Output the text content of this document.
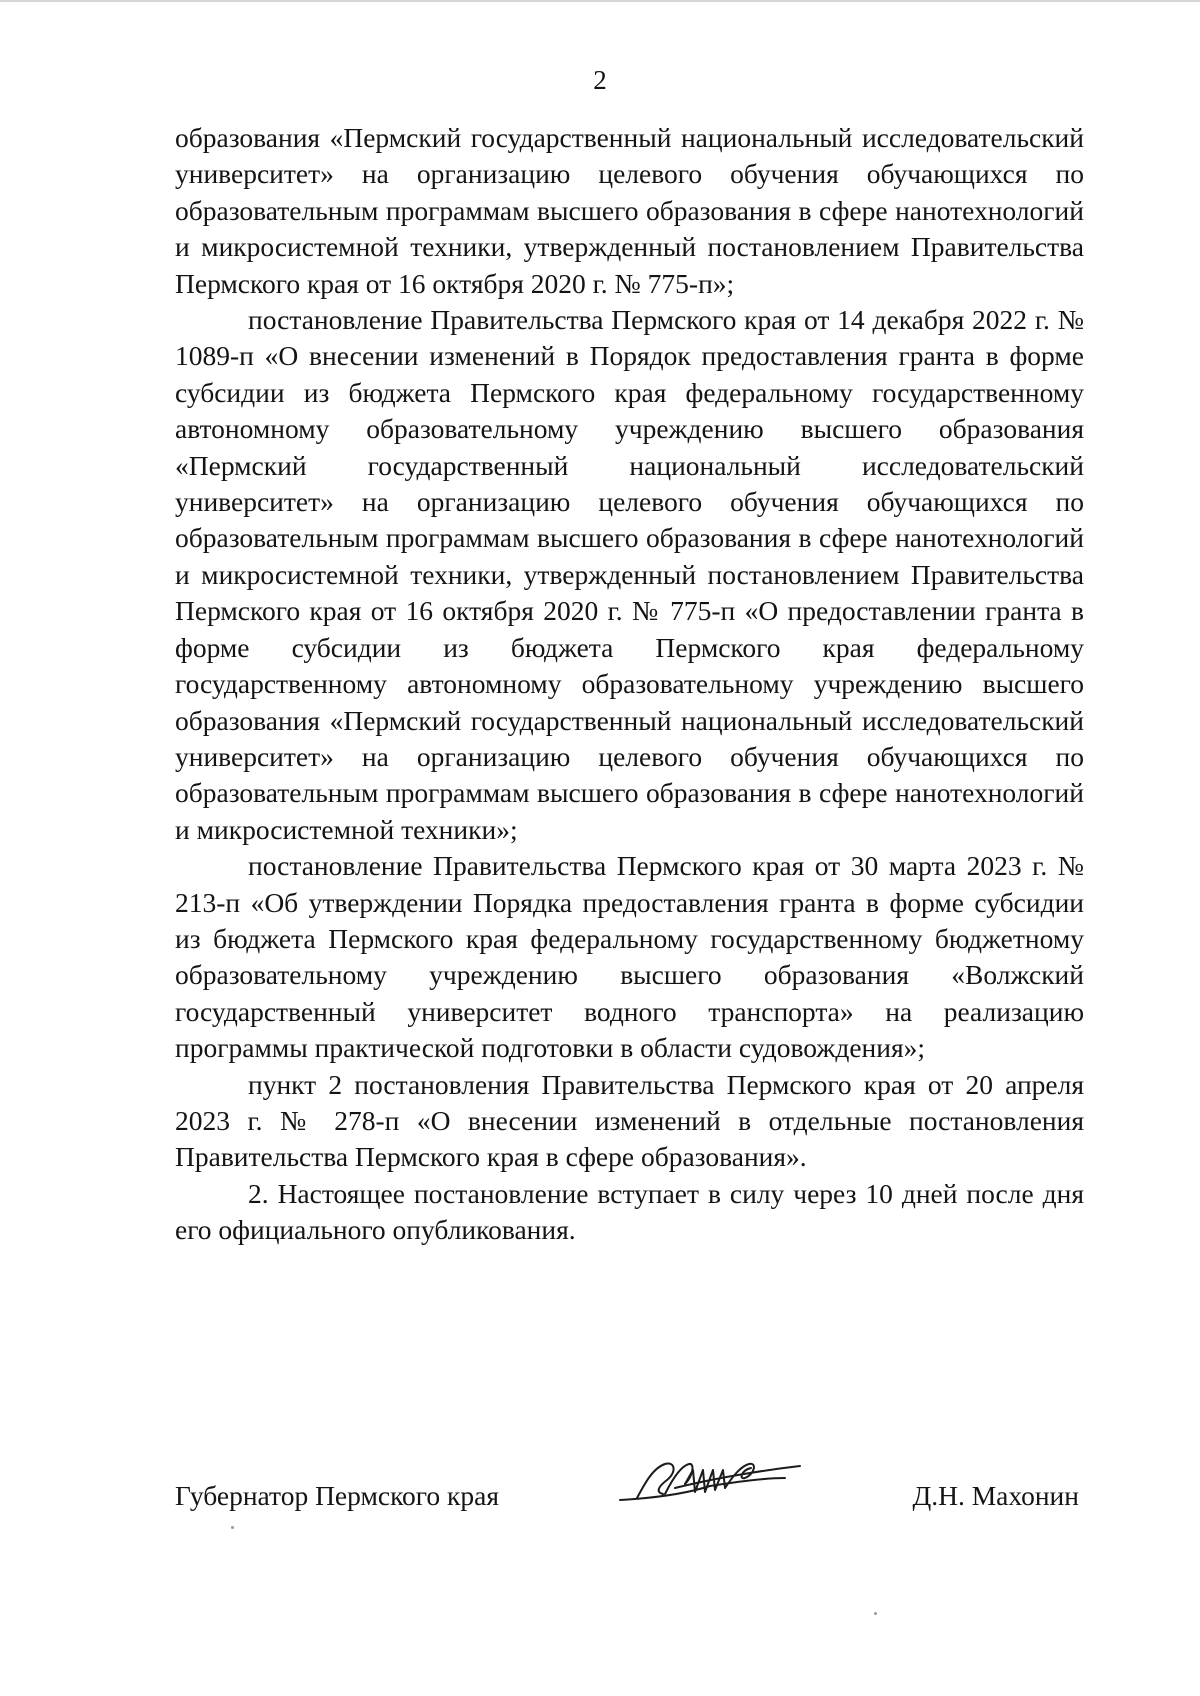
2

образования «Пермский государственный национальный исследовательский университет» на организацию целевого обучения обучающихся по образовательным программам высшего образования в сфере нанотехнологий и микросистемной техники, утвержденный постановлением Правительства Пермского края от 16 октября 2020 г. № 775-п»;

постановление Правительства Пермского края от 14 декабря 2022 г. № 1089-п «О внесении изменений в Порядок предоставления гранта в форме субсидии из бюджета Пермского края федеральному государственному автономному образовательному учреждению высшего образования «Пермский государственный национальный исследовательский университет» на организацию целевого обучения обучающихся по образовательным программам высшего образования в сфере нанотехнологий и микросистемной техники, утвержденный постановлением Правительства Пермского края от 16 октября 2020 г. № 775-п «О предоставлении гранта в форме субсидии из бюджета Пермского края федеральному государственному автономному образовательному учреждению высшего образования «Пермский государственный национальный исследовательский университет» на организацию целевого обучения обучающихся по образовательным программам высшего образования в сфере нанотехнологий и микросистемной техники»;

постановление Правительства Пермского края от 30 марта 2023 г. № 213-п «Об утверждении Порядка предоставления гранта в форме субсидии из бюджета Пермского края федеральному государственному бюджетному образовательному учреждению высшего образования «Волжский государственный университет водного транспорта» на реализацию программы практической подготовки в области судовождения»;

пункт 2 постановления Правительства Пермского края от 20 апреля 2023 г. № 278-п «О внесении изменений в отдельные постановления Правительства Пермского края в сфере образования».

2. Настоящее постановление вступает в силу через 10 дней после дня его официального опубликования.

Губернатор Пермского края	Д.Н. Махонин
